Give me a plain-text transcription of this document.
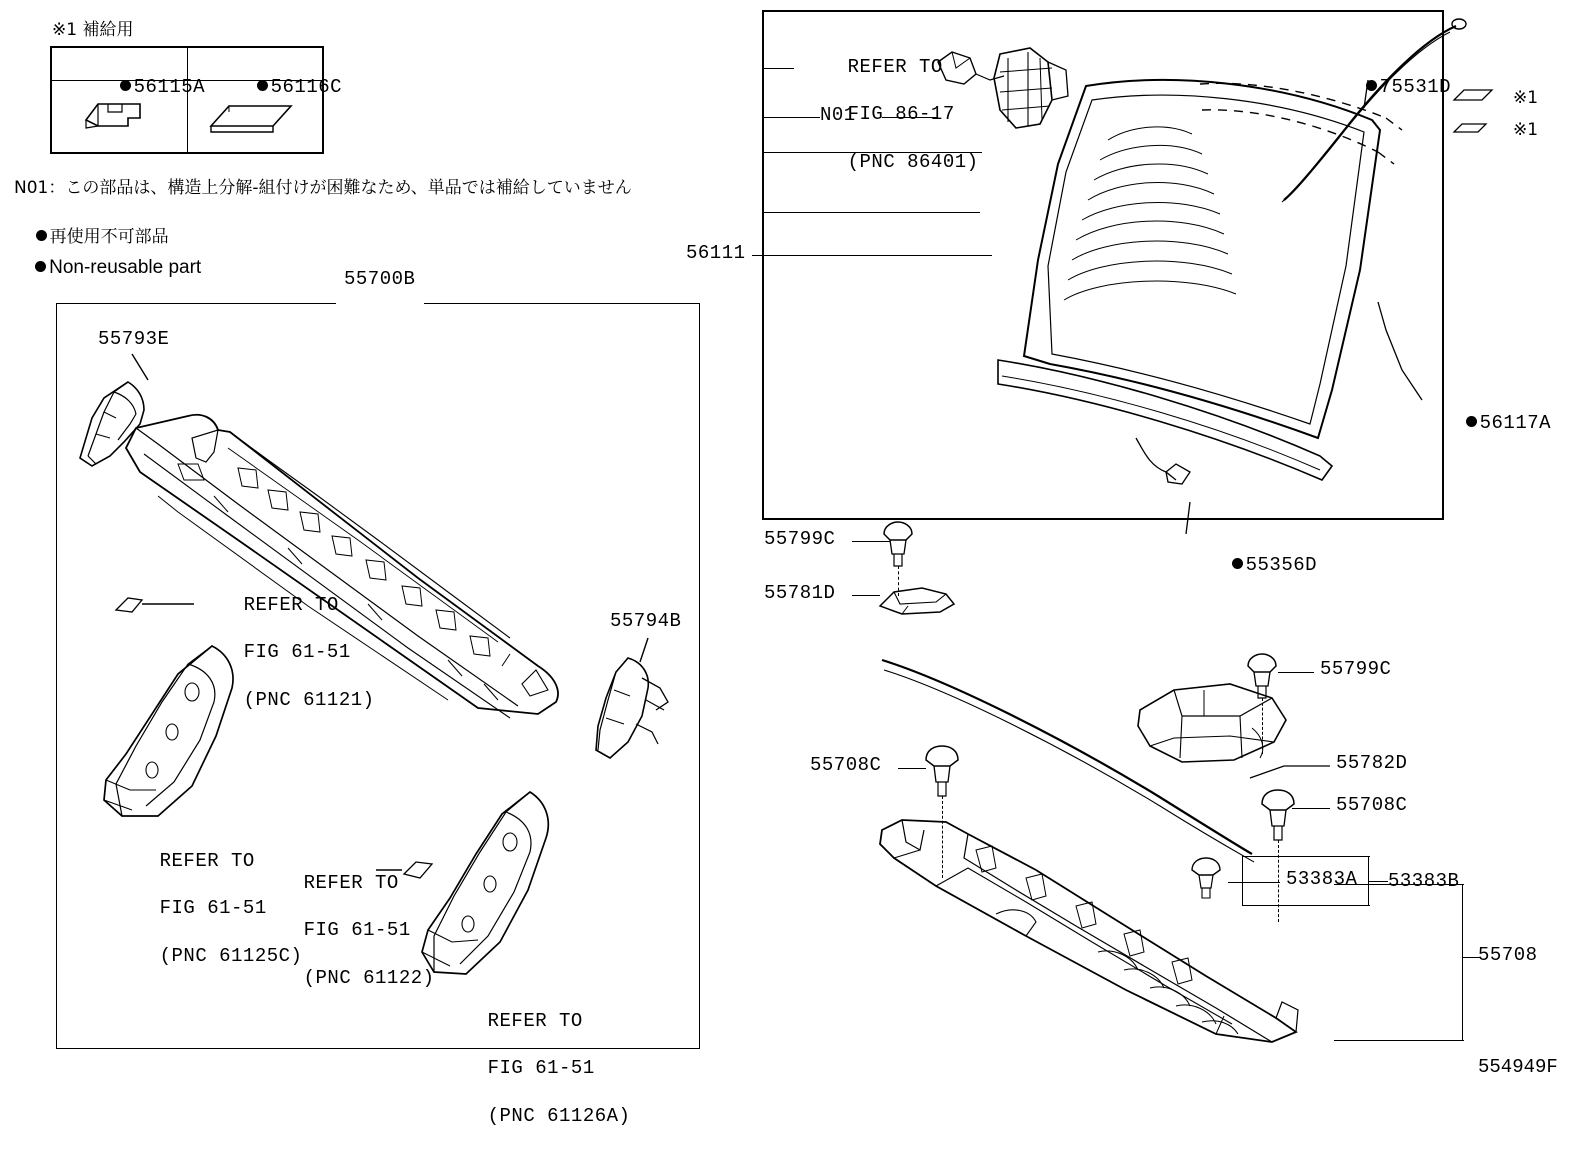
※1 補給用

56115A
	56116C

N01：この部品は、構造上分解‐組付けが困難なため、単品では補給していません

再使用不可部品

Non-reusable part

55700B
55793E

REFER TO

FIG 61-51

(PNC 61121)

REFER TO

FIG 61-51

(PNC 61125C)

REFER TO

FIG 61-51

(PNC 61122)

REFER TO

FIG 61-51

(PNC 61126A)

55794B

REFER TO

FIG 86-17

(PNC 86401)

N01
56111

75531D

※1
※1

56117A

55356D

55799C
55781D
55799C
55782D
55708C
55708C
53383A 53383B
55708
554949F
